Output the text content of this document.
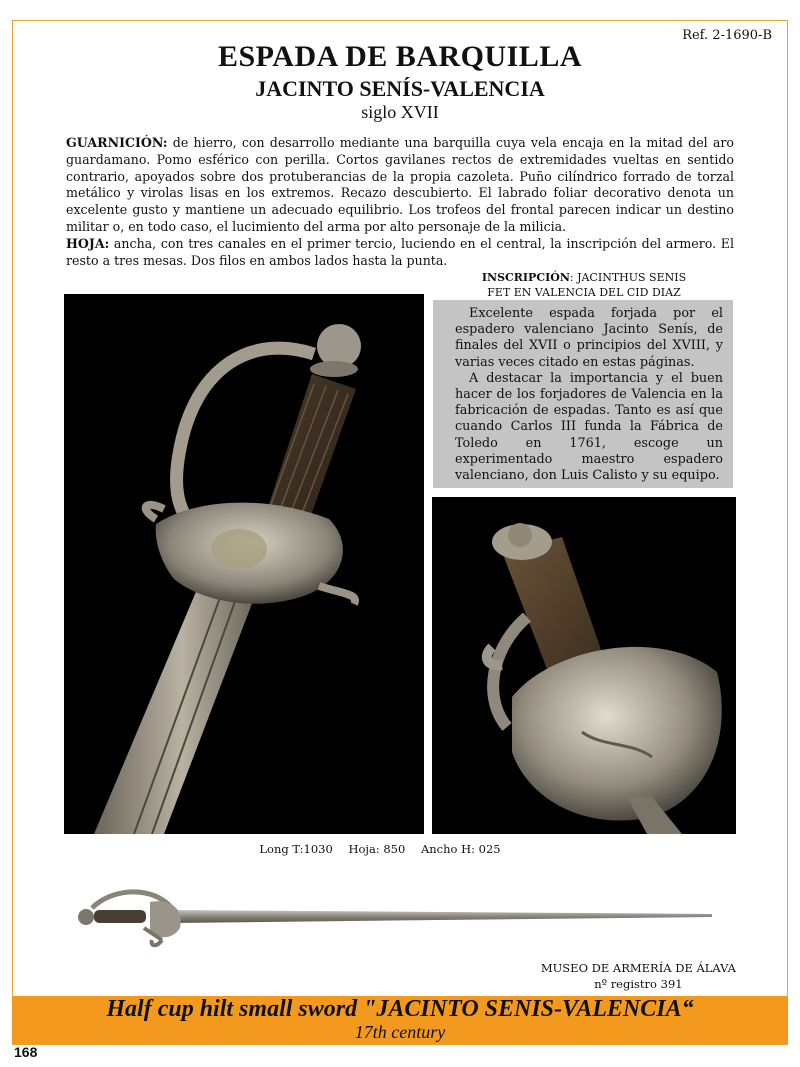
Ref. 2-1690-B
ESPADA DE BARQUILLA
JACINTO SENÍS-VALENCIA
siglo XVII

GUARNICIÓN: de hierro, con desarrollo mediante una barquilla cuya vela encaja en la mitad del aro guardamano. Pomo esférico con perilla. Cortos gavilanes rectos de extremidades vueltas en sentido contrario, apoyados sobre dos protuberancias de la propia cazoleta. Puño cilíndrico forrado de torzal metálico y virolas lisas en los extremos. Recazo descubierto. El labrado foliar decorativo denota un excelente gusto y mantiene un adecuado equilibrio. Los trofeos del frontal parecen indicar un destino militar o, en todo caso, el lucimiento del arma por alto personaje de la milicia.

HOJA: ancha, con tres canales en el primer tercio, luciendo en el central, la inscripción del armero. El resto a tres mesas. Dos filos en ambos lados hasta la punta.

INSCRIPCIÓN: JACINTHUS SENIS
FET EN VALENCIA DEL CID DIAZ

Excelente espada forjada por el espadero valenciano Jacinto Senís, de finales del XVII o principios del XVIII, y varias veces citado en estas páginas.

A destacar la importancia y el buen hacer de los forjadores de Valencia en la fabricación de espadas. Tanto es así que cuando Carlos III funda la Fábrica de Toledo en 1761, escoge un experimentado maestro espadero valenciano, don Luis Calisto y su equipo.

Long T:1030 Hoja: 850 Ancho H: 025
MUSEO DE ARMERÍA DE ÁLAVA
nº registro 391
Half cup hilt small sword "JACINTO SENIS-VALENCIA“
17th century
168
